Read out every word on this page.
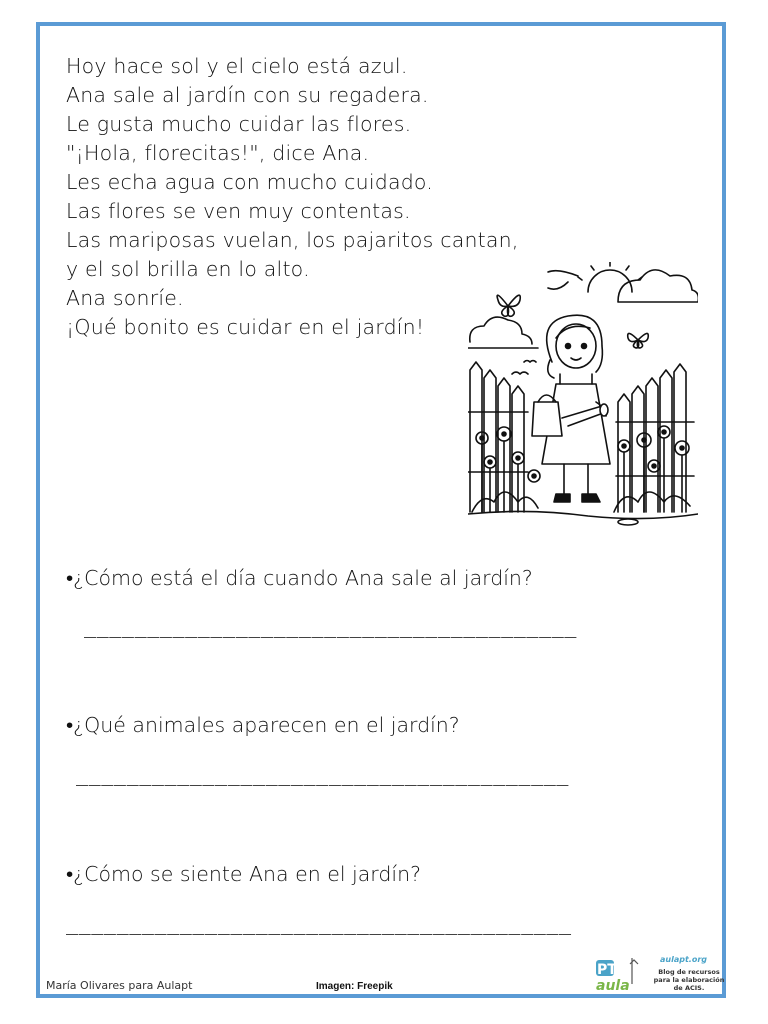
Hoy hace sol y el cielo está azul.
Ana sale al jardín con su regadera.
Le gusta mucho cuidar las flores.
"¡Hola, florecitas!", dice Ana.
Les echa agua con mucho cuidado.
Las flores se ven muy contentas.
Las mariposas vuelan, los pajaritos cantan,
y el sol brilla en lo alto.
Ana sonríe.
¡Qué bonito es cuidar en el jardín!
•¿Cómo está el día cuando Ana sale al jardín?
_______________________________________
•¿Qué animales aparecen en el jardín?
_______________________________________
•¿Cómo se siente Ana en el jardín?
________________________________________
María Olivares para Aulapt	Imagen: Freepik
PT
aula
aulapt.org
Blog de recursos para la elaboración de ACIS.
